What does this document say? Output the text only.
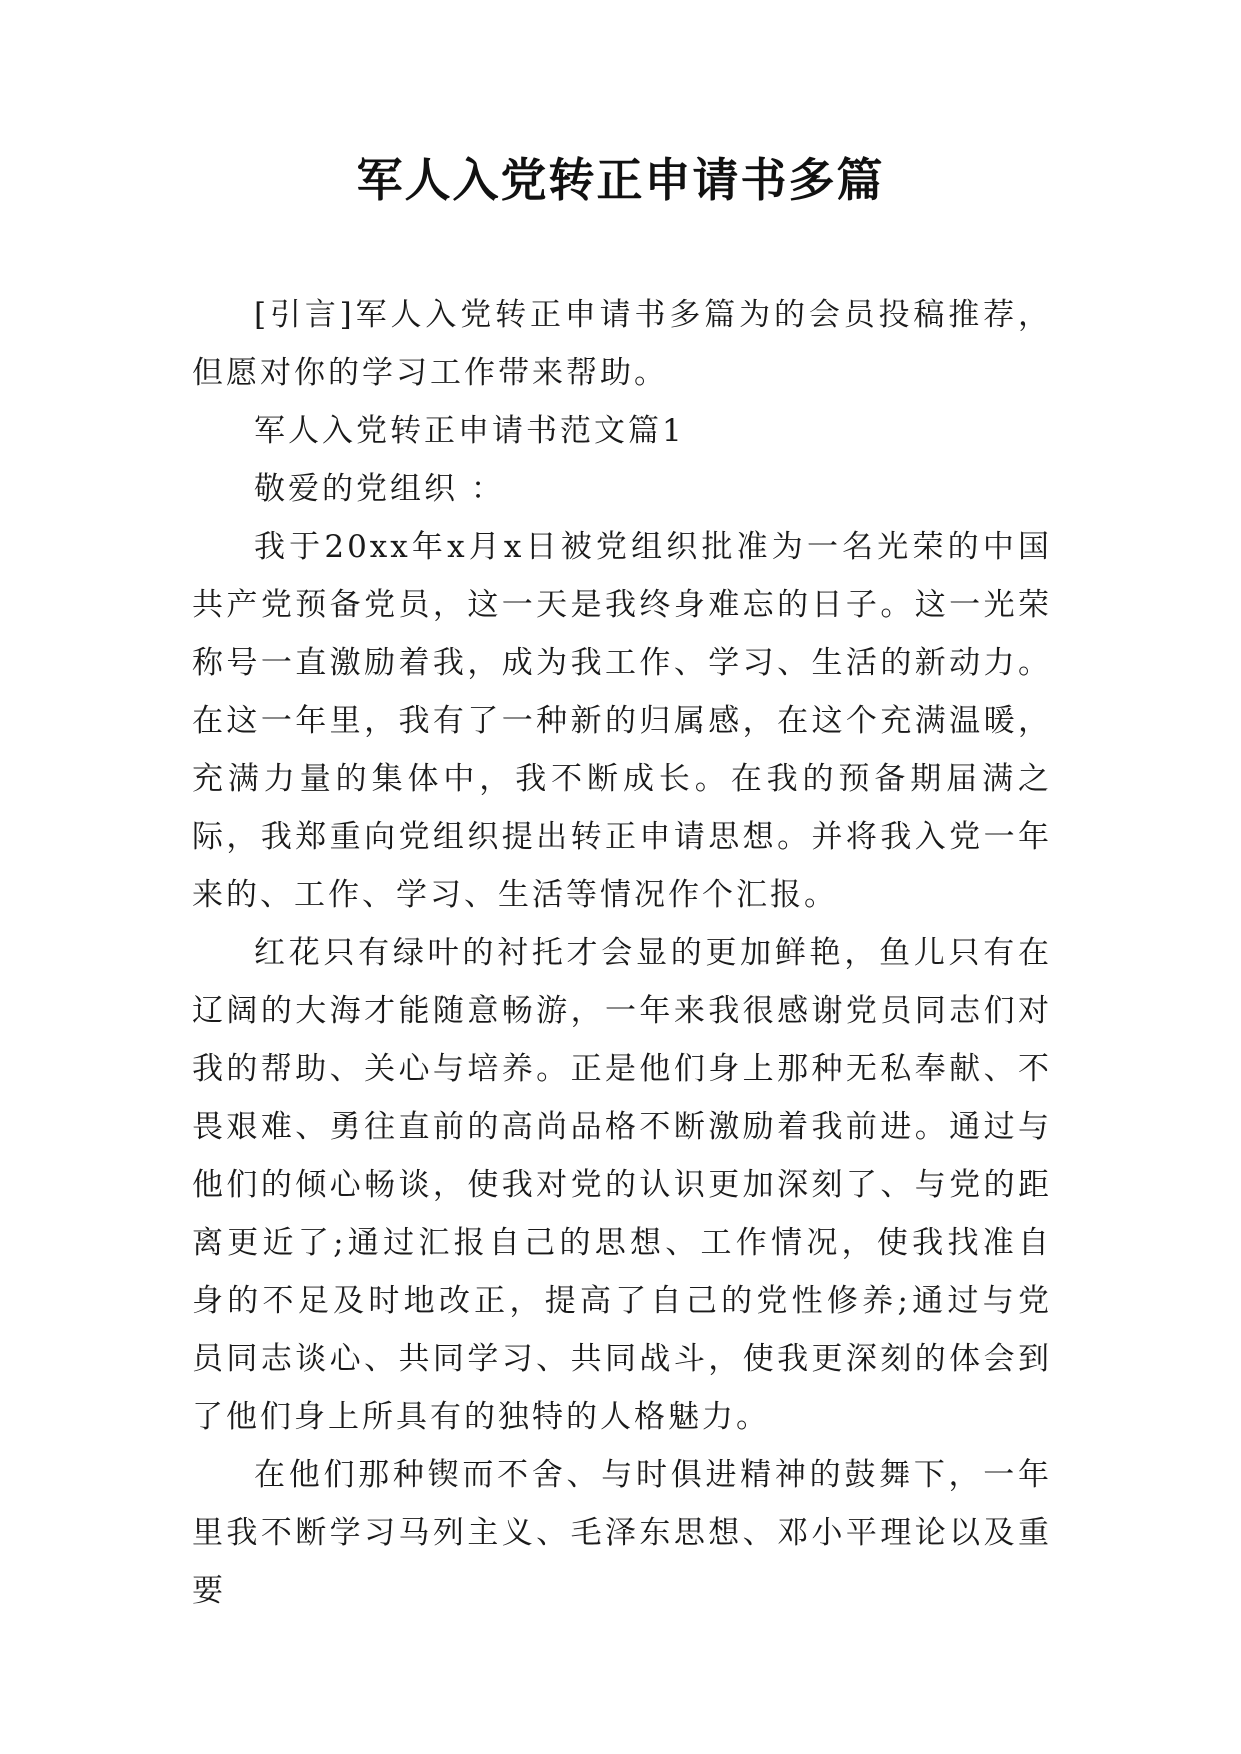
军人入党转正申请书多篇

[引言]军人入党转正申请书多篇为的会员投稿推荐，但愿对你的学习工作带来帮助。

军人入党转正申请书范文篇1

敬爱的党组织 ：

我于20xx年x月x日被党组织批准为一名光荣的中国共产党预备党员，这一天是我终身难忘的日子。这一光荣称号一直激励着我，成为我工作、学习、生活的新动力。在这一年里，我有了一种新的归属感，在这个充满温暖，充满力量的集体中，我不断成长。在我的预备期届满之际，我郑重向党组织提出转正申请思想。并将我入党一年来的、工作、学习、生活等情况作个汇报。

红花只有绿叶的衬托才会显的更加鲜艳，鱼儿只有在辽阔的大海才能随意畅游，一年来我很感谢党员同志们对我的帮助、关心与培养。正是他们身上那种无私奉献、不畏艰难、勇往直前的高尚品格不断激励着我前进。通过与他们的倾心畅谈，使我对党的认识更加深刻了、与党的距离更近了;通过汇报自己的思想、工作情况，使我找准自身的不足及时地改正，提高了自己的党性修养;通过与党员同志谈心、共同学习、共同战斗，使我更深刻的体会到了他们身上所具有的独特的人格魅力。

在他们那种锲而不舍、与时俱进精神的鼓舞下，一年里我不断学习马列主义、毛泽东思想、邓小平理论以及重要
